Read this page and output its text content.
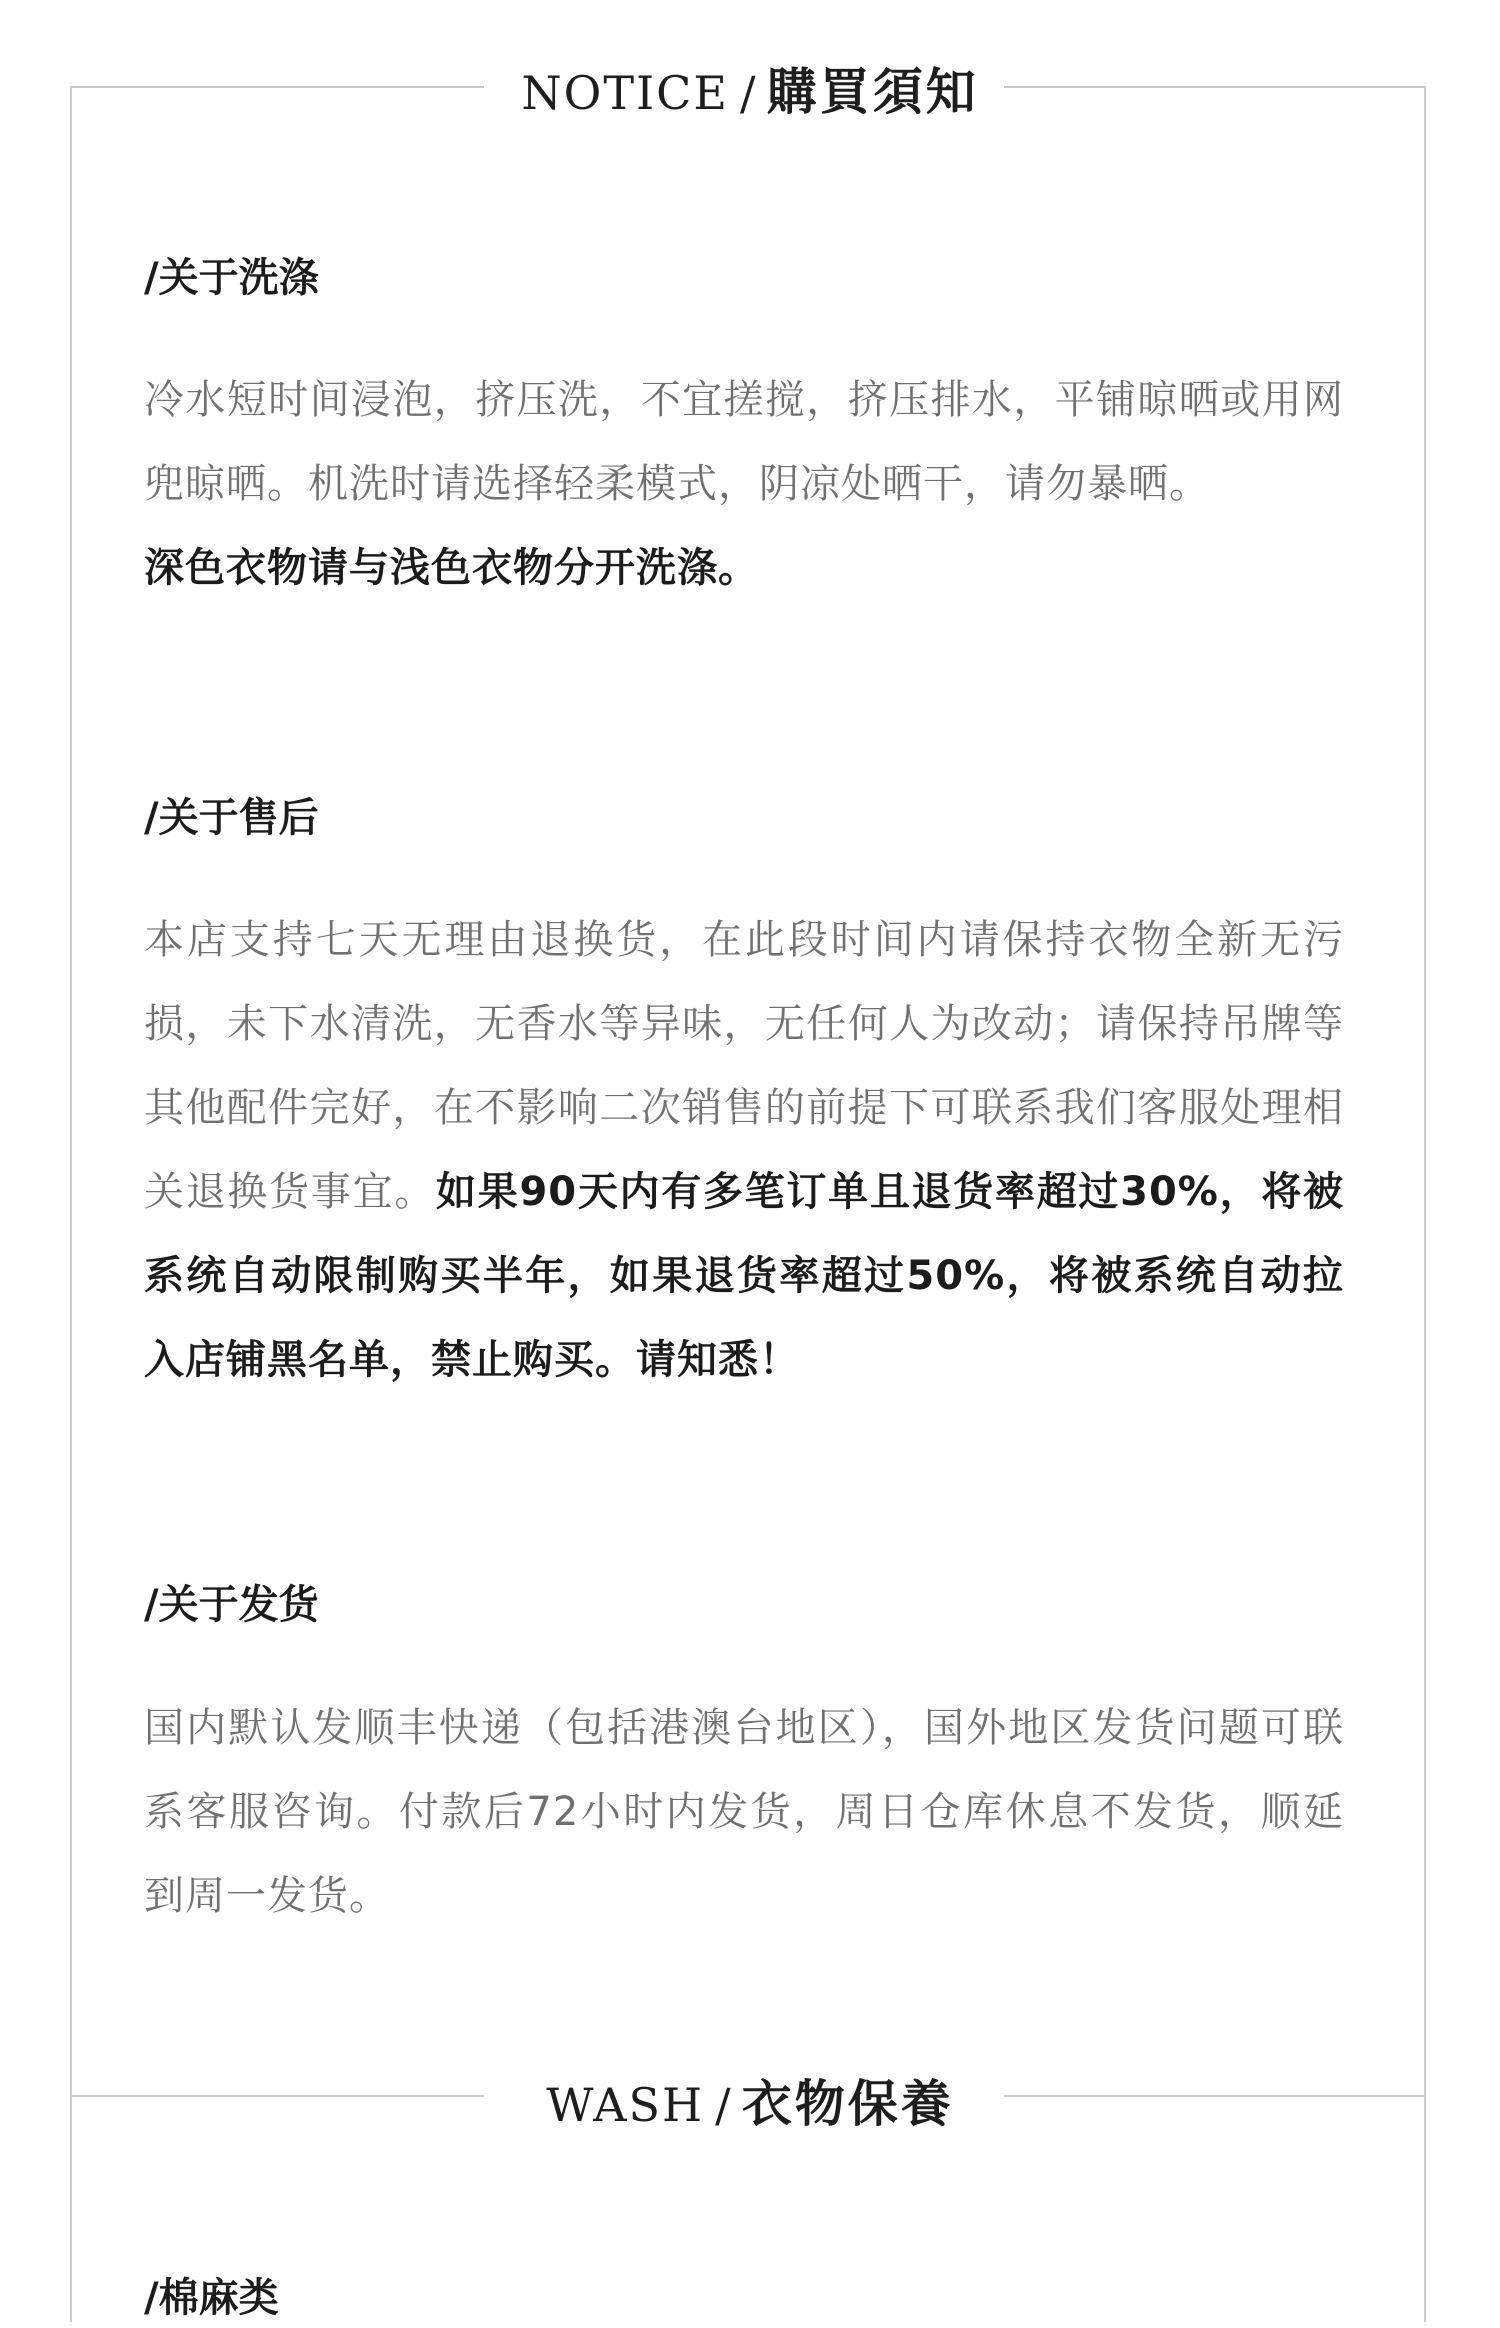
NOTICE / 購買須知
/关于洗涤
冷水短时间浸泡，挤压洗，不宜搓搅，挤压排水，平铺晾晒或用网兜晾晒。机洗时请选择轻柔模式，阴凉处晒干，请勿暴晒。
深色衣物请与浅色衣物分开洗涤。
/关于售后
本店支持七天无理由退换货，在此段时间内请保持衣物全新无污损，未下水清洗，无香水等异味，无任何人为改动；请保持吊牌等其他配件完好，在不影响二次销售的前提下可联系我们客服处理相关退换货事宜。如果90天内有多笔订单且退货率超过30%，将被系统自动限制购买半年，如果退货率超过50%，将被系统自动拉入店铺黑名单，禁止购买。请知悉！
/关于发货
国内默认发顺丰快递（包括港澳台地区），国外地区发货问题可联系客服咨询。付款后72小时内发货，周日仓库休息不发货，顺延到周一发货。
WASH / 衣物保養
/棉麻类
